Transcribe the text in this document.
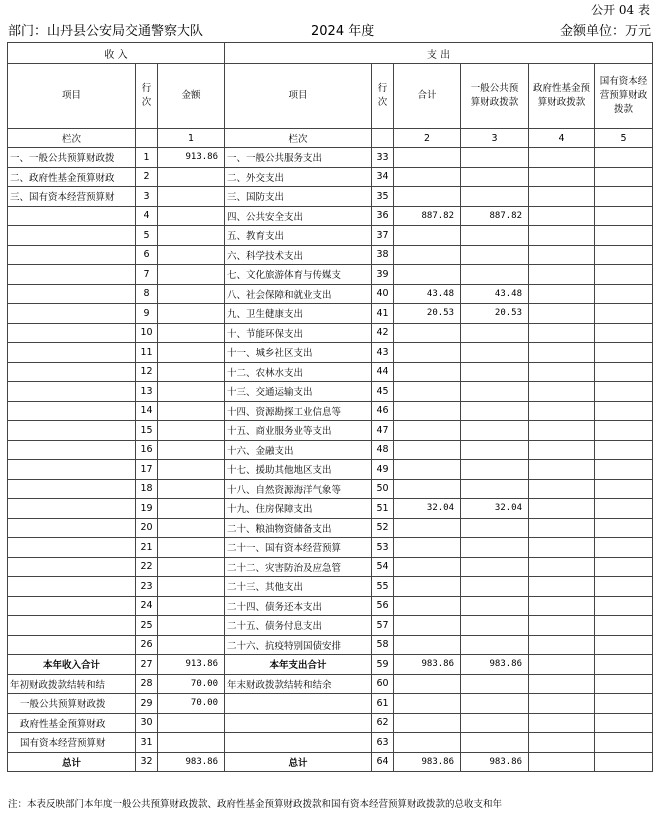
公开 04 表
部门：山丹县公安局交通警察大队	2024 年度	金额单位：万元
收 入			支 出					
项目	行次	金额	项目	行次	合计	一般公共预算财政拨款	政府性基金预算财政拨款	国有资本经营预算财政拨款
栏次		1	栏次		2	3	4	5
一、一般公共预算财政拨	1	913.86	一、一般公共服务支出	33				
二、政府性基金预算财政	2		二、外交支出	34				
三、国有资本经营预算财	3		三、国防支出	35				
	4		四、公共安全支出	36	887.82	887.82		
	5		五、教育支出	37				
	6		六、科学技术支出	38				
	7		七、文化旅游体育与传媒支	39				
	8		八、社会保障和就业支出	40	43.48	43.48		
	9		九、卫生健康支出	41	20.53	20.53		
	10		十、节能环保支出	42				
	11		十一、城乡社区支出	43				
	12		十二、农林水支出	44				
	13		十三、交通运输支出	45				
	14		十四、资源勘探工业信息等	46				
	15		十五、商业服务业等支出	47				
	16		十六、金融支出	48				
	17		十七、援助其他地区支出	49				
	18		十八、自然资源海洋气象等	50				
	19		十九、住房保障支出	51	32.04	32.04		
	20		二十、粮油物资储备支出	52				
	21		二十一、国有资本经营预算	53				
	22		二十二、灾害防治及应急管	54				
	23		二十三、其他支出	55				
	24		二十四、债务还本支出	56				
	25		二十五、债务付息支出	57				
	26		二十六、抗疫特别国债安排	58				
本年收入合计	27	913.86	本年支出合计	59	983.86	983.86		
年初财政拨款结转和结	28	70.00	年末财政拨款结转和结余	60				
一般公共预算财政拨	29	70.00		61				
政府性基金预算财政	30			62				
国有资本经营预算财	31			63				
总计	32	983.86	总计	64	983.86	983.86		
注：本表反映部门本年度一般公共预算财政拨款、政府性基金预算财政拨款和国有资本经营预算财政拨款的总收支和年
